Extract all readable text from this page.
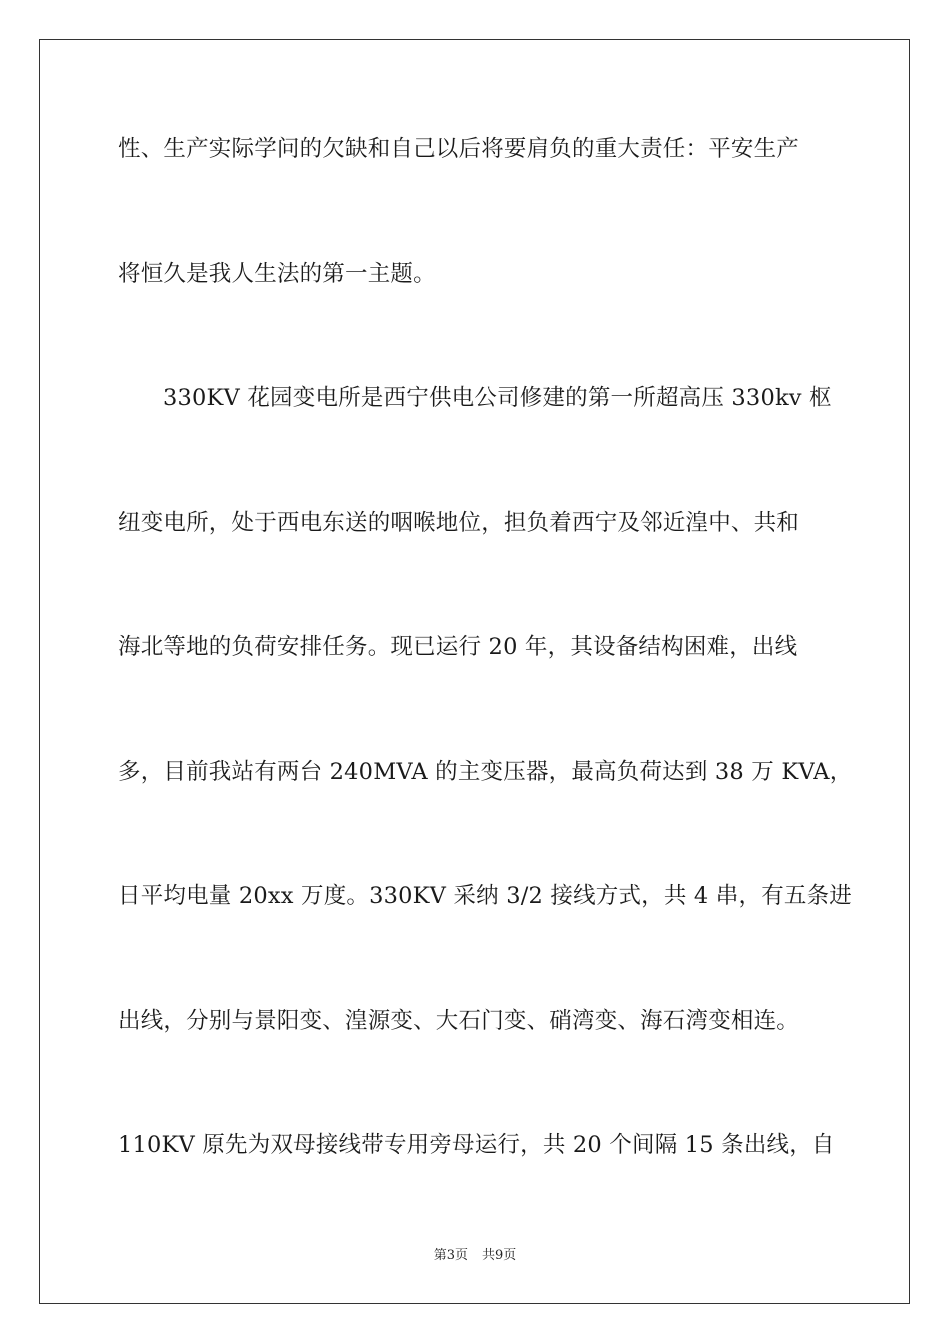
性、生产实际学问的欠缺和自己以后将要肩负的重大责任：平安生产
将恒久是我人生法的第一主题。
330KV 花园变电所是西宁供电公司修建的第一所超高压 330kv 枢
纽变电所，处于西电东送的咽喉地位，担负着西宁及邻近湟中、共和
海北等地的负荷安排任务。现已运行 20 年，其设备结构困难，出线
多，目前我站有两台 240MVA 的主变压器，最高负荷达到 38 万 KVA，
日平均电量 20xx 万度。330KV 采纳 3/2 接线方式，共 4 串，有五条进
出线，分别与景阳变、湟源变、大石门变、硝湾变、海石湾变相连。
110KV 原先为双母接线带专用旁母运行，共 20 个间隔 15 条出线，自
第3页 共9页
